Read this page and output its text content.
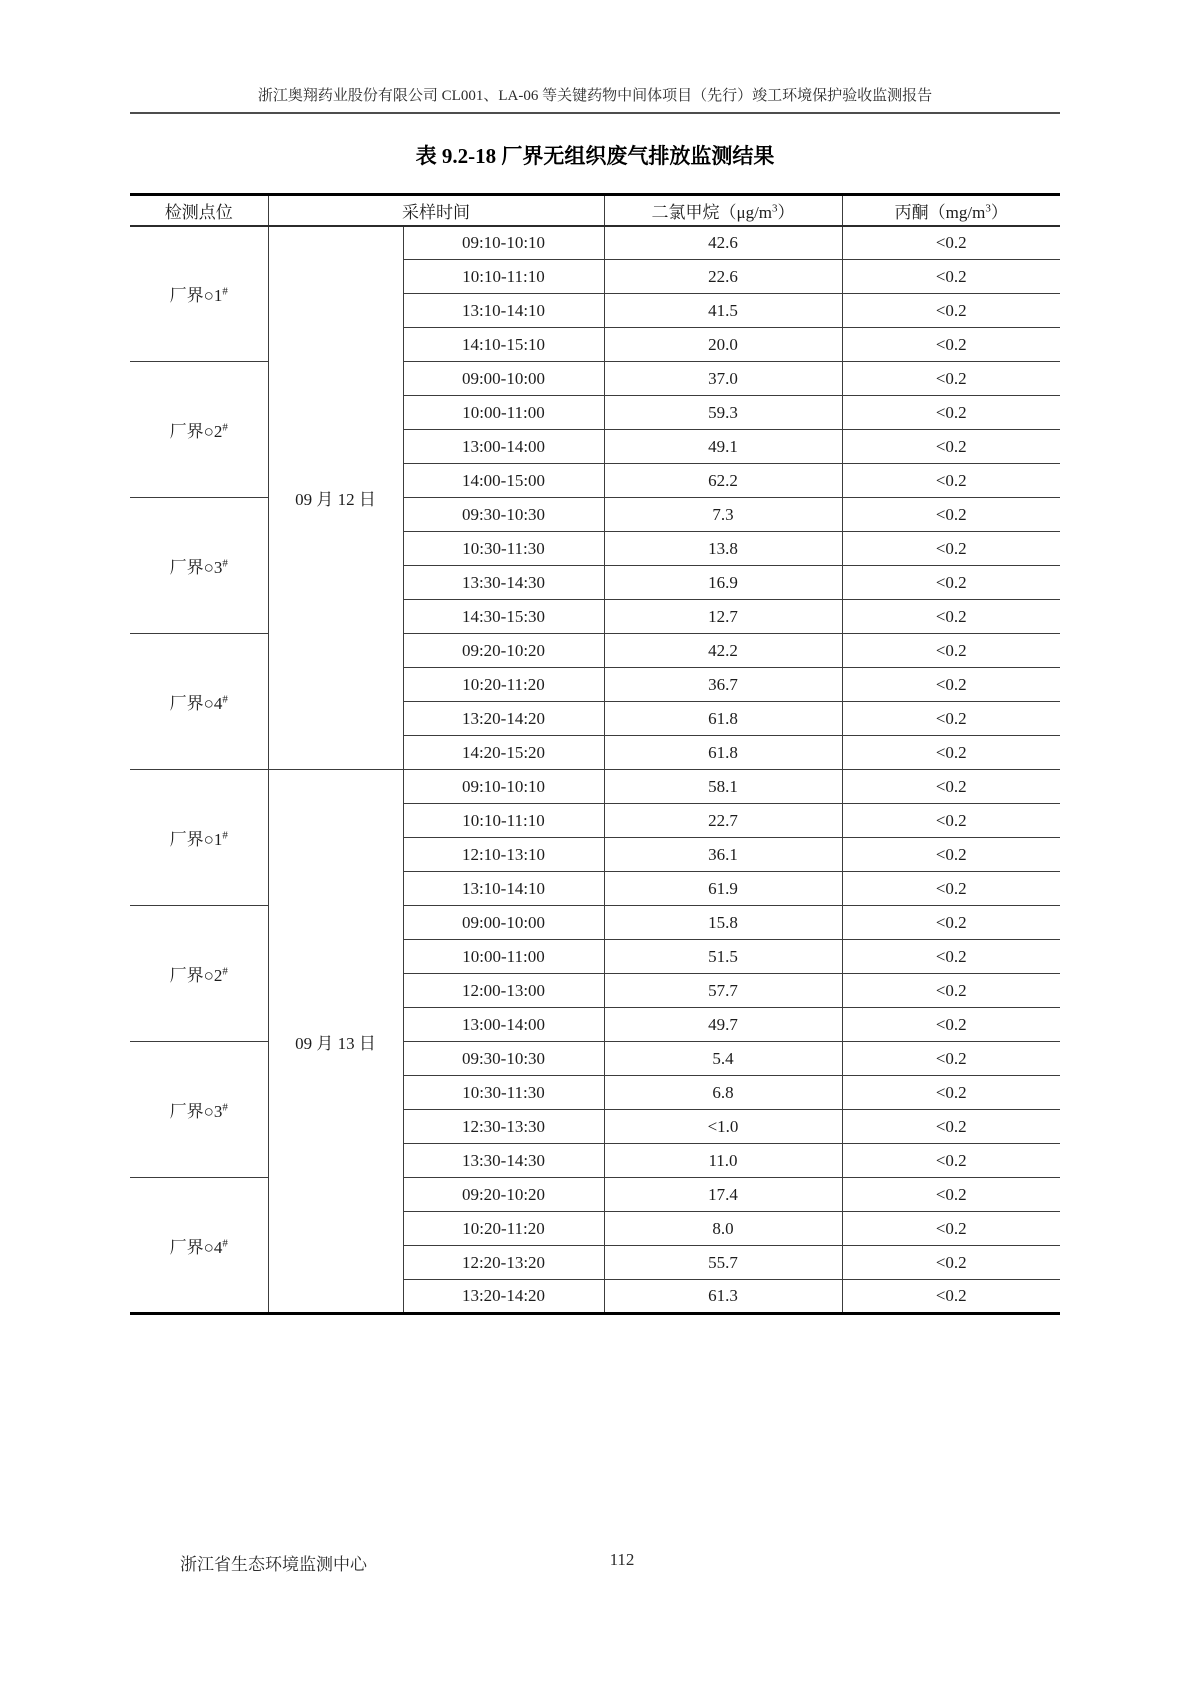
浙江奥翔药业股份有限公司 CL001、LA-06 等关键药物中间体项目（先行）竣工环境保护验收监测报告
表 9.2-18 厂界无组织废气排放监测结果
检测点位	采样时间		二氯甲烷$(\mu g/m^3)$	丙酮$(mg/m^3)$
厂界○1#	09 月 12 日	09:10-10:10	42.6	<0.2
		10:10-11:10	22.6	<0.2
		13:10-14:10	41.5	<0.2
		14:10-15:10	20.0	<0.2
厂界○2#		09:00-10:00	37.0	<0.2
		10:00-11:00	59.3	<0.2
		13:00-14:00	49.1	<0.2
		14:00-15:00	62.2	<0.2
厂界○3#		09:30-10:30	7.3	<0.2
		10:30-11:30	13.8	<0.2
		13:30-14:30	16.9	<0.2
		14:30-15:30	12.7	<0.2
厂界○4#		09:20-10:20	42.2	<0.2
		10:20-11:20	36.7	<0.2
		13:20-14:20	61.8	<0.2
		14:20-15:20	61.8	<0.2
厂界○1#	09 月 13 日	09:10-10:10	58.1	<0.2
		10:10-11:10	22.7	<0.2
		12:10-13:10	36.1	<0.2
		13:10-14:10	61.9	<0.2
厂界○2#		09:00-10:00	15.8	<0.2
		10:00-11:00	51.5	<0.2
		12:00-13:00	57.7	<0.2
		13:00-14:00	49.7	<0.2
厂界○3#		09:30-10:30	5.4	<0.2
		10:30-11:30	6.8	<0.2
		12:30-13:30	<1.0	<0.2
		13:30-14:30	11.0	<0.2
厂界○4#		09:20-10:20	17.4	<0.2
		10:20-11:20	8.0	<0.2
		12:20-13:20	55.7	<0.2
		13:20-14:20	61.3	<0.2
浙江省生态环境监测中心	112
